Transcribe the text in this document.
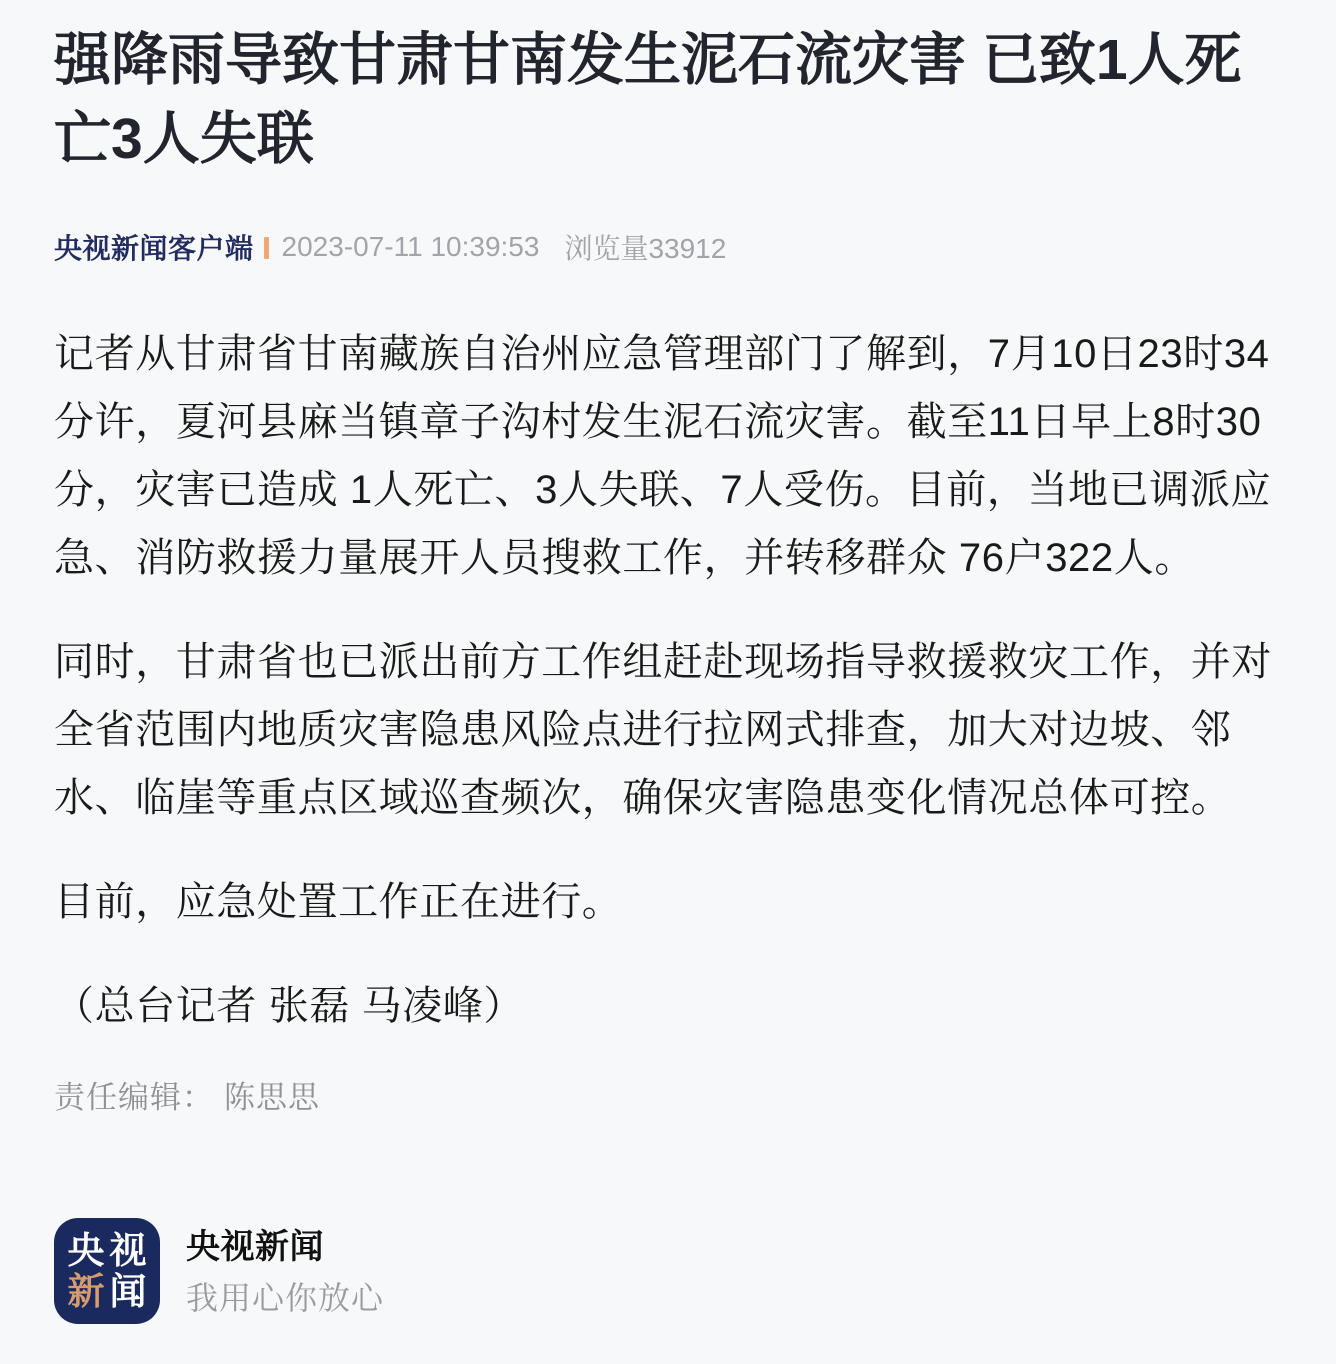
强降雨导致甘肃甘南发生泥石流灾害 已致1人死亡3人失联
央视新闻客户端 2023-07-11 10:39:53 浏览量33912

记者从甘肃省甘南藏族自治州应急管理部门了解到，7月10日23时34分许，夏河县麻当镇章子沟村发生泥石流灾害。截至11日早上8时30分，灾害已造成 1人死亡、3人失联、7人受伤。目前，当地已调派应急、消防救援力量展开人员搜救工作，并转移群众 76户322人。

同时，甘肃省也已派出前方工作组赶赴现场指导救援救灾工作，并对全省范围内地质灾害隐患风险点进行拉网式排查，加大对边坡、邻水、临崖等重点区域巡查频次，确保灾害隐患变化情况总体可控。

目前，应急处置工作正在进行。

（总台记者 张磊 马凌峰）

责任编辑： 陈思思
央 视
新 闻
央视新闻
我用心你放心
